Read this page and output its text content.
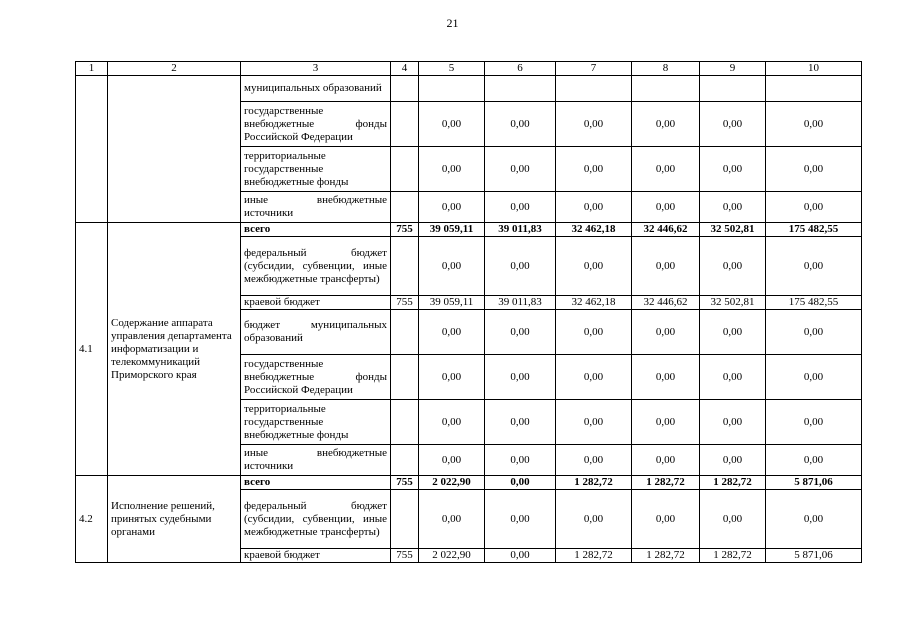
21
1	2	3	4	5	6	7	8	9	10
		муниципальных образований							
		государственные внебюджетные фонды Российской Федерации		0,00	0,00	0,00	0,00	0,00	0,00
		территориальные государственные внебюджетные фонды		0,00	0,00	0,00	0,00	0,00	0,00
		иные внебюджетные источники		0,00	0,00	0,00	0,00	0,00	0,00
4.1	Содержание аппарата управления департамента информатизации и телекоммуникаций Приморского края	всего	755	39 059,11	39 011,83	32 462,18	32 446,62	32 502,81	175 482,55
		федеральный бюджет (субсидии, субвенции, иные межбюджетные трансферты)		0,00	0,00	0,00	0,00	0,00	0,00
		краевой бюджет	755	39 059,11	39 011,83	32 462,18	32 446,62	32 502,81	175 482,55
		бюджет муниципальных образований		0,00	0,00	0,00	0,00	0,00	0,00
		государственные внебюджетные фонды Российской Федерации		0,00	0,00	0,00	0,00	0,00	0,00
		территориальные государственные внебюджетные фонды		0,00	0,00	0,00	0,00	0,00	0,00
		иные внебюджетные источники		0,00	0,00	0,00	0,00	0,00	0,00
4.2	Исполнение решений, принятых судебными органами	всего	755	2 022,90	0,00	1 282,72	1 282,72	1 282,72	5 871,06
		федеральный бюджет (субсидии, субвенции, иные межбюджетные трансферты)		0,00	0,00	0,00	0,00	0,00	0,00
		краевой бюджет	755	2 022,90	0,00	1 282,72	1 282,72	1 282,72	5 871,06
